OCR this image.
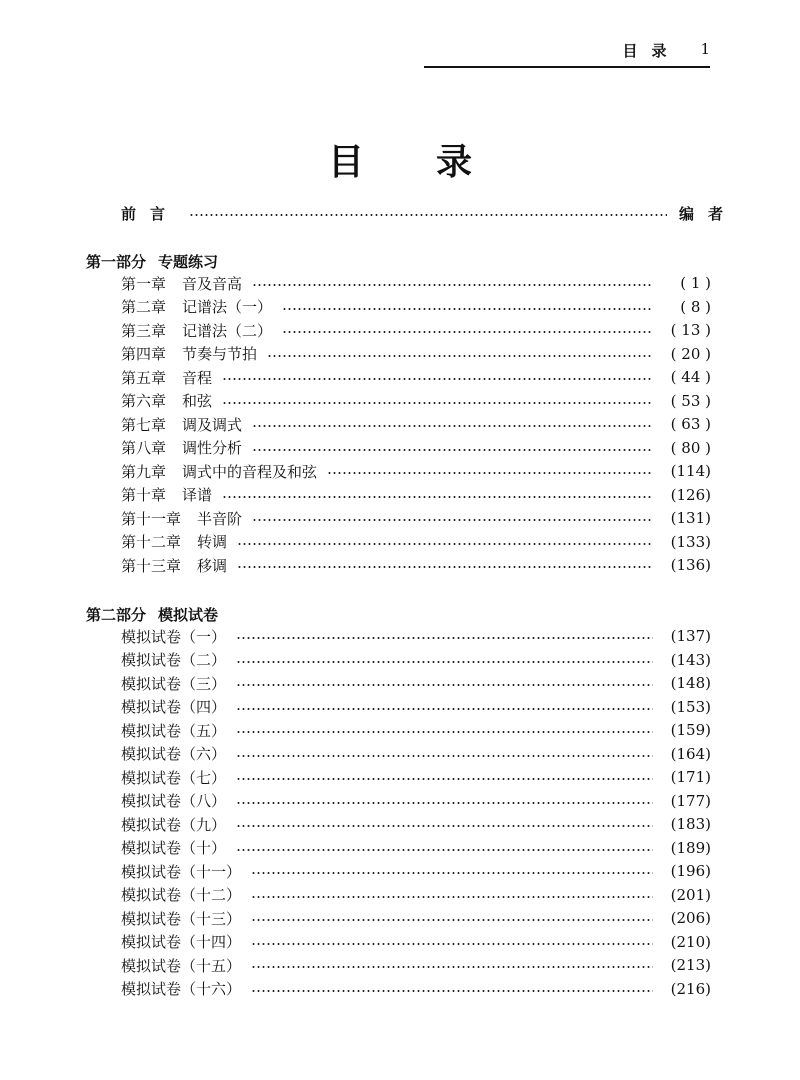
目录 1
目录
前言	编者
第一部分 专题练习
第二部分 模拟试卷
第一章 音及音高	( 1 )
第二章 记谱法（一）	( 8 )
第三章 记谱法（二）	( 13 )
第四章 节奏与节拍	( 20 )
第五章 音程	( 44 )
第六章 和弦	( 53 )
第七章 调及调式	( 63 )
第八章 调性分析	( 80 )
第九章 调式中的音程及和弦	(114)
第十章 译谱	(126)
第十一章 半音阶	(131)
第十二章 转调	(133)
第十三章 移调	(136)
模拟试卷（一）	(137)
模拟试卷（二）	(143)
模拟试卷（三）	(148)
模拟试卷（四）	(153)
模拟试卷（五）	(159)
模拟试卷（六）	(164)
模拟试卷（七）	(171)
模拟试卷（八）	(177)
模拟试卷（九）	(183)
模拟试卷（十）	(189)
模拟试卷（十一）	(196)
模拟试卷（十二）	(201)
模拟试卷（十三）	(206)
模拟试卷（十四）	(210)
模拟试卷（十五）	(213)
模拟试卷（十六）	(216)
